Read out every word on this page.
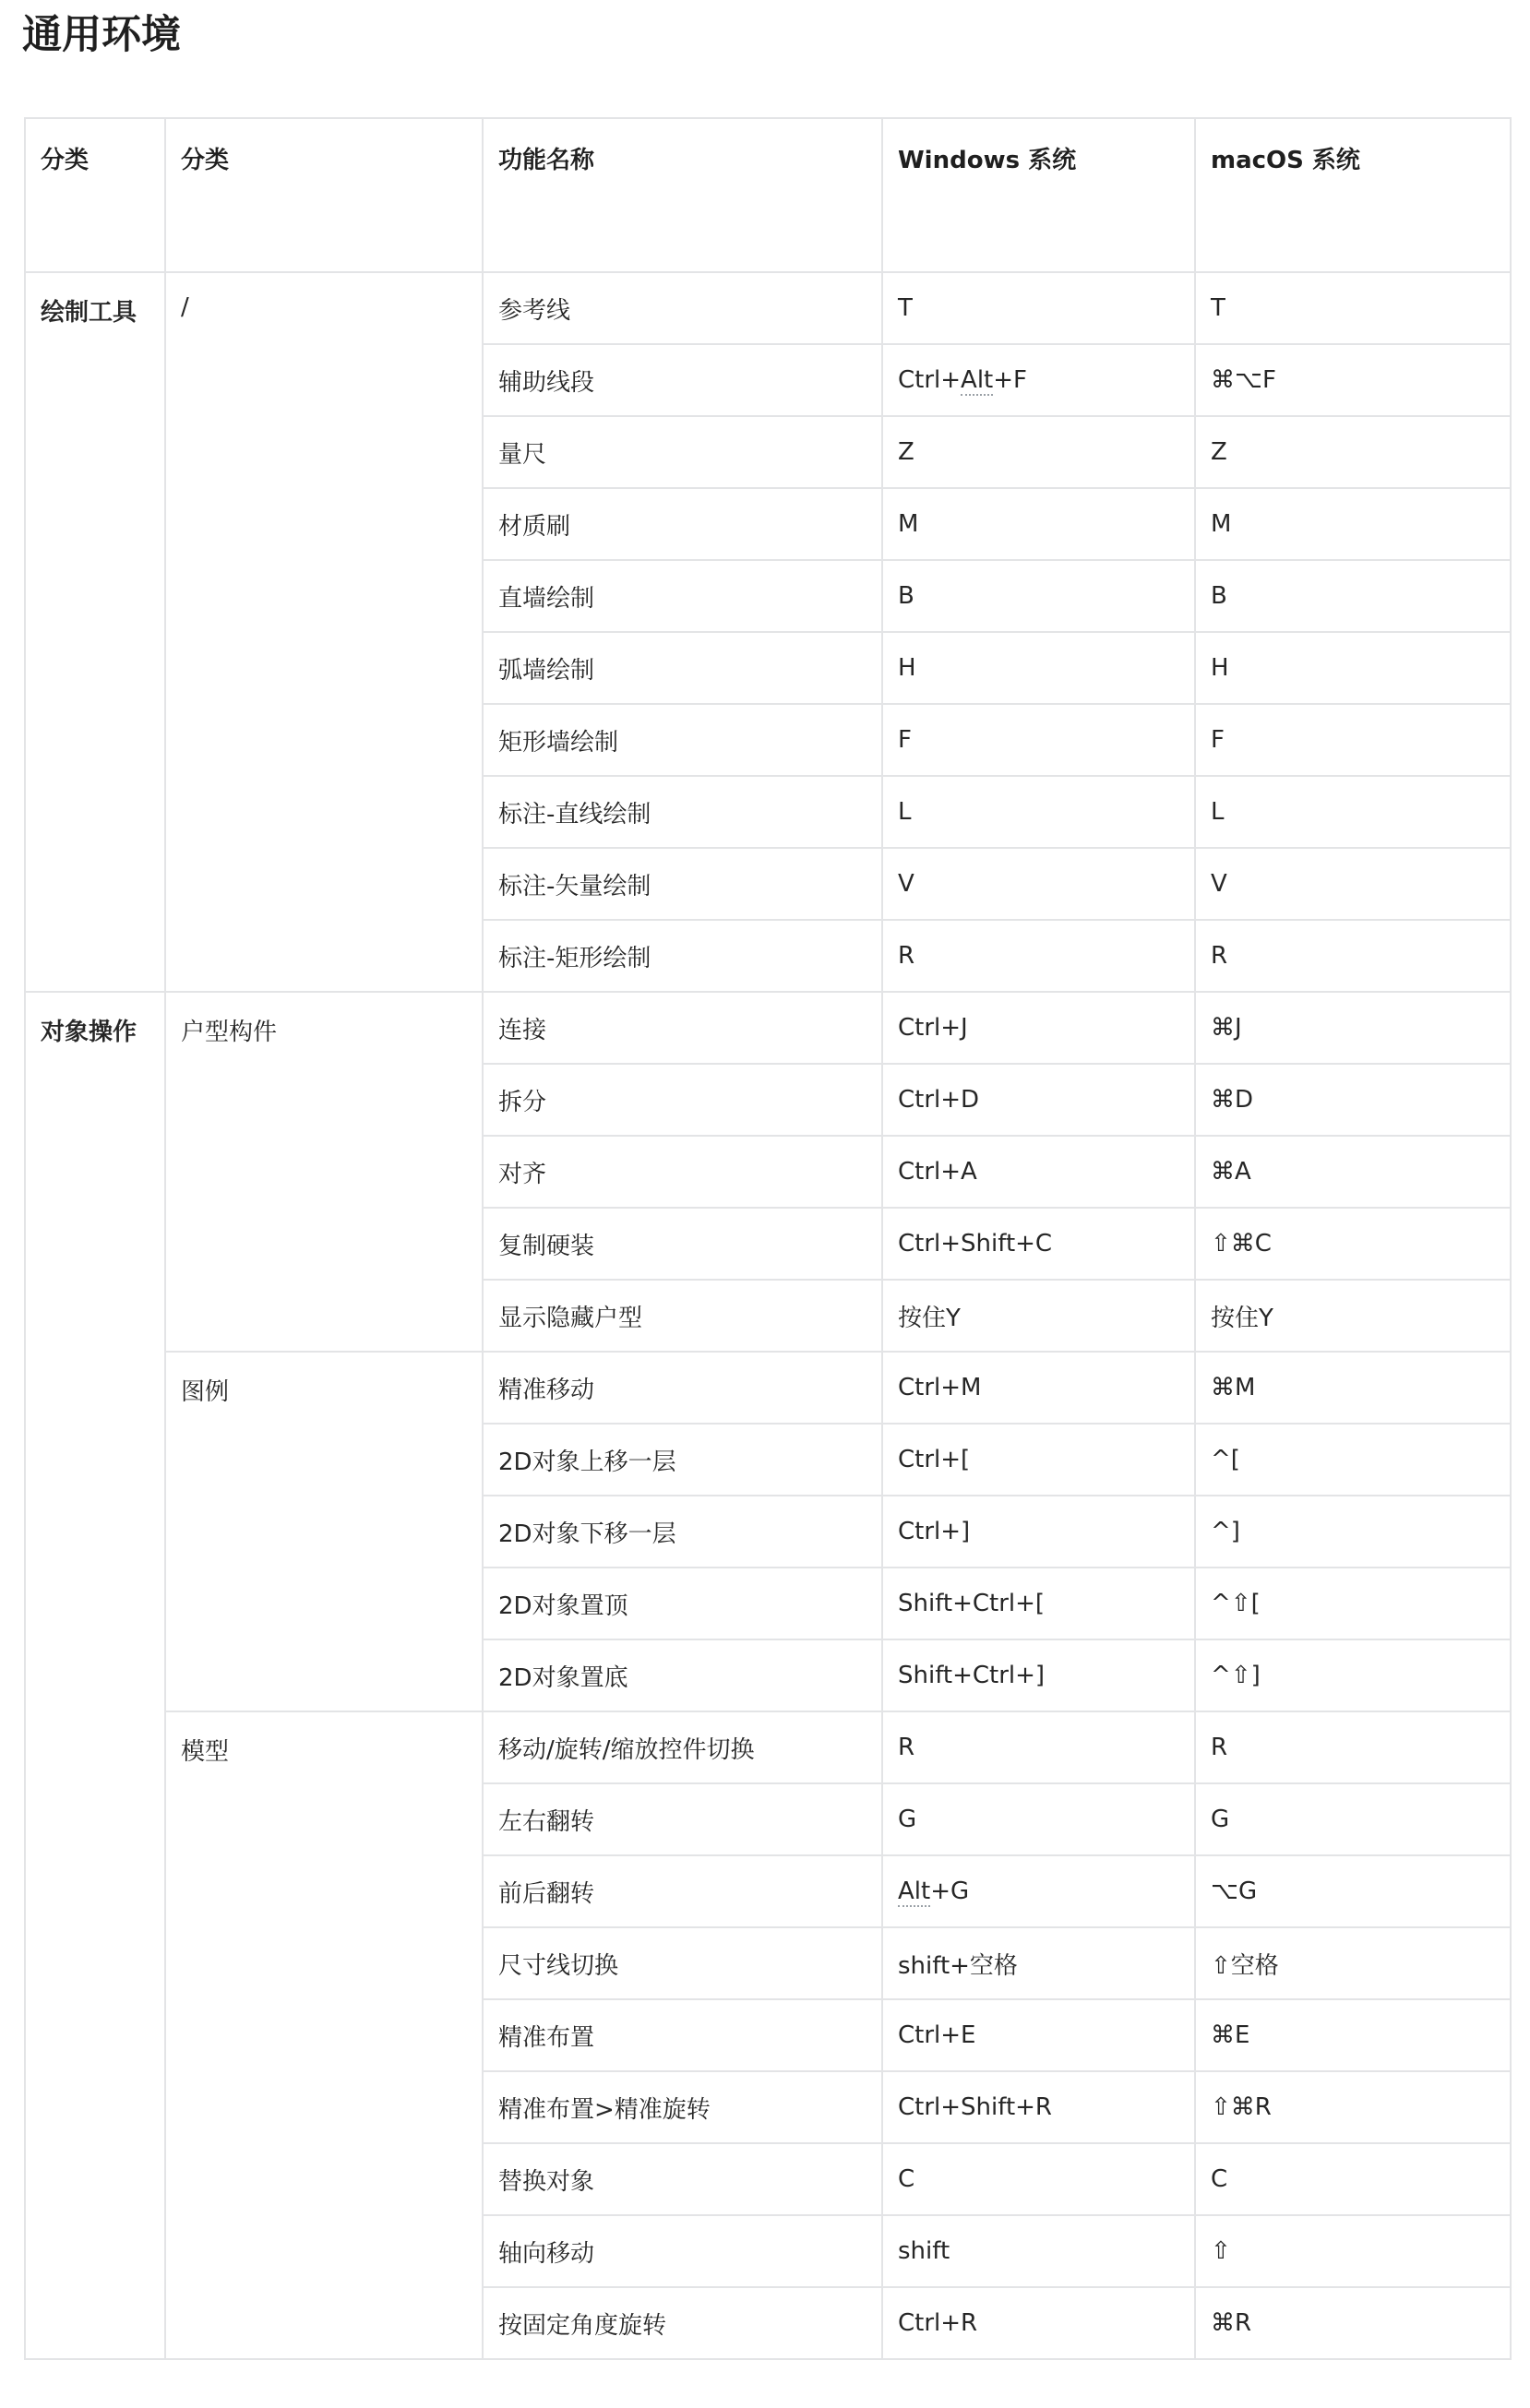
通用环境
分类	分类	功能名称	Windows 系统	macOS 系统
绘制工具	/	参考线	T	T
		辅助线段	Ctrl+Alt+F	⌘⌥F
		量尺	Z	Z
		材质刷	M	M
		直墙绘制	B	B
		弧墙绘制	H	H
		矩形墙绘制	F	F
		标注-直线绘制	L	L
		标注-矢量绘制	V	V
		标注-矩形绘制	R	R
对象操作	户型构件	连接	Ctrl+J	⌘J
		拆分	Ctrl+D	⌘D
		对齐	Ctrl+A	⌘A
		复制硬装	Ctrl+Shift+C	⇧⌘C
		显示隐藏户型	按住Y	按住Y
	图例	精准移动	Ctrl+M	⌘M
		2D对象上移一层	Ctrl+[	^[
		2D对象下移一层	Ctrl+]	^]
		2D对象置顶	Shift+Ctrl+[	^⇧[
		2D对象置底	Shift+Ctrl+]	^⇧]
	模型	移动/旋转/缩放控件切换	R	R
		左右翻转	G	G
		前后翻转	Alt+G	⌥G
		尺寸线切换	shift+空格	⇧空格
		精准布置	Ctrl+E	⌘E
		精准布置>精准旋转	Ctrl+Shift+R	⇧⌘R
		替换对象	C	C
		轴向移动	shift	⇧
		按固定角度旋转	Ctrl+R	⌘R
